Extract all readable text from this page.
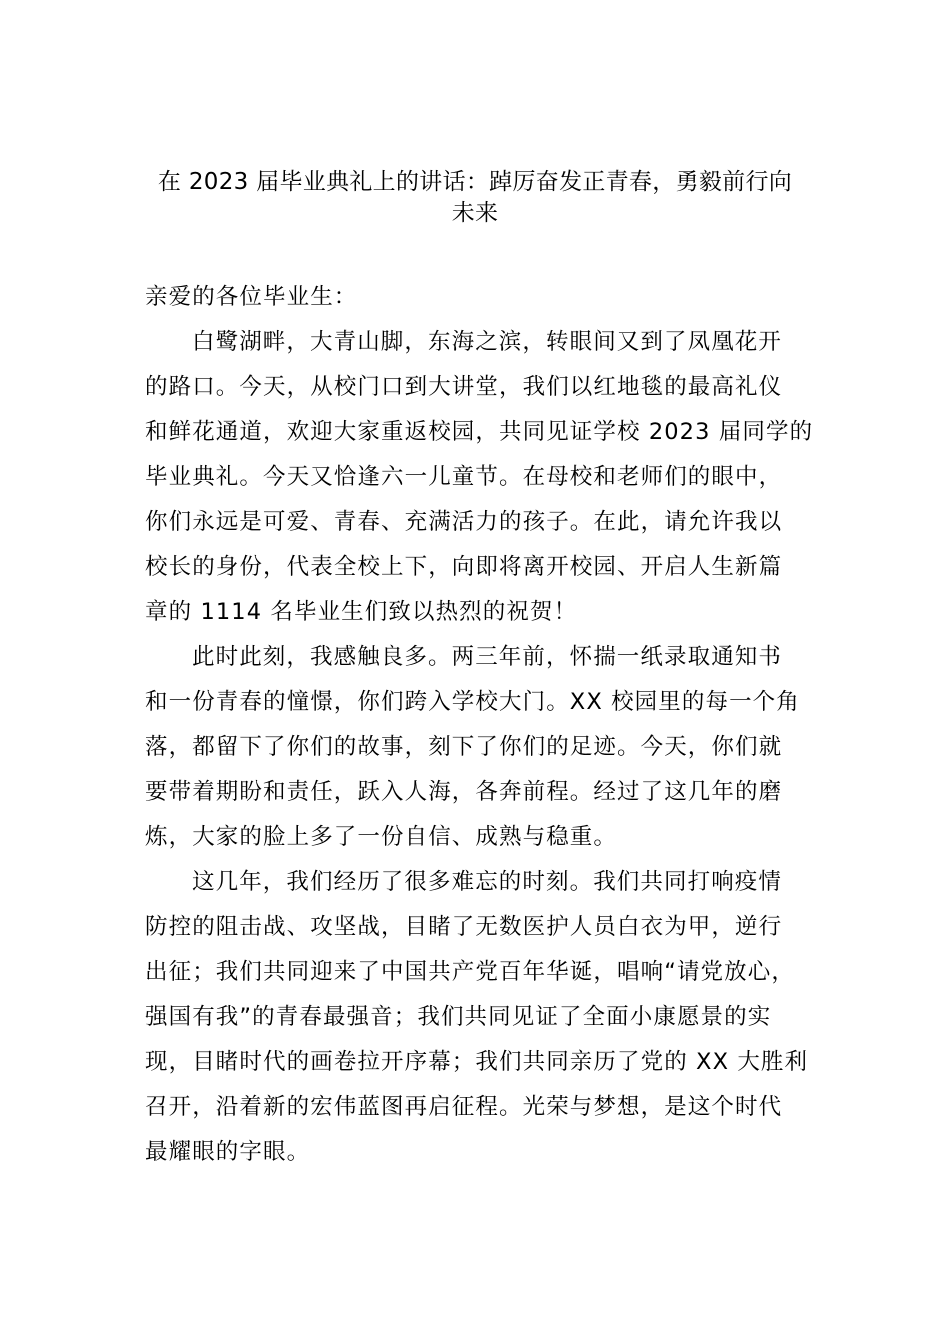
在 2023 届毕业典礼上的讲话：踔厉奋发正青春，勇毅前行向
未来
亲爱的各位毕业生：
白鹭湖畔，大青山脚，东海之滨，转眼间又到了凤凰花开
的路口。今天，从校门口到大讲堂，我们以红地毯的最高礼仪
和鲜花通道，欢迎大家重返校园，共同见证学校 2023 届同学的
毕业典礼。今天又恰逢六一儿童节。在母校和老师们的眼中，
你们永远是可爱、青春、充满活力的孩子。在此，请允许我以
校长的身份，代表全校上下，向即将离开校园、开启人生新篇
章的 1114 名毕业生们致以热烈的祝贺！
此时此刻，我感触良多。两三年前，怀揣一纸录取通知书
和一份青春的憧憬，你们跨入学校大门。XX 校园里的每一个角
落，都留下了你们的故事，刻下了你们的足迹。今天，你们就
要带着期盼和责任，跃入人海，各奔前程。经过了这几年的磨
炼，大家的脸上多了一份自信、成熟与稳重。
这几年，我们经历了很多难忘的时刻。我们共同打响疫情
防控的阻击战、攻坚战，目睹了无数医护人员白衣为甲，逆行
出征；我们共同迎来了中国共产党百年华诞，唱响“请党放心，
强国有我”的青春最强音；我们共同见证了全面小康愿景的实
现，目睹时代的画卷拉开序幕；我们共同亲历了党的 XX 大胜利
召开，沿着新的宏伟蓝图再启征程。光荣与梦想，是这个时代
最耀眼的字眼。
